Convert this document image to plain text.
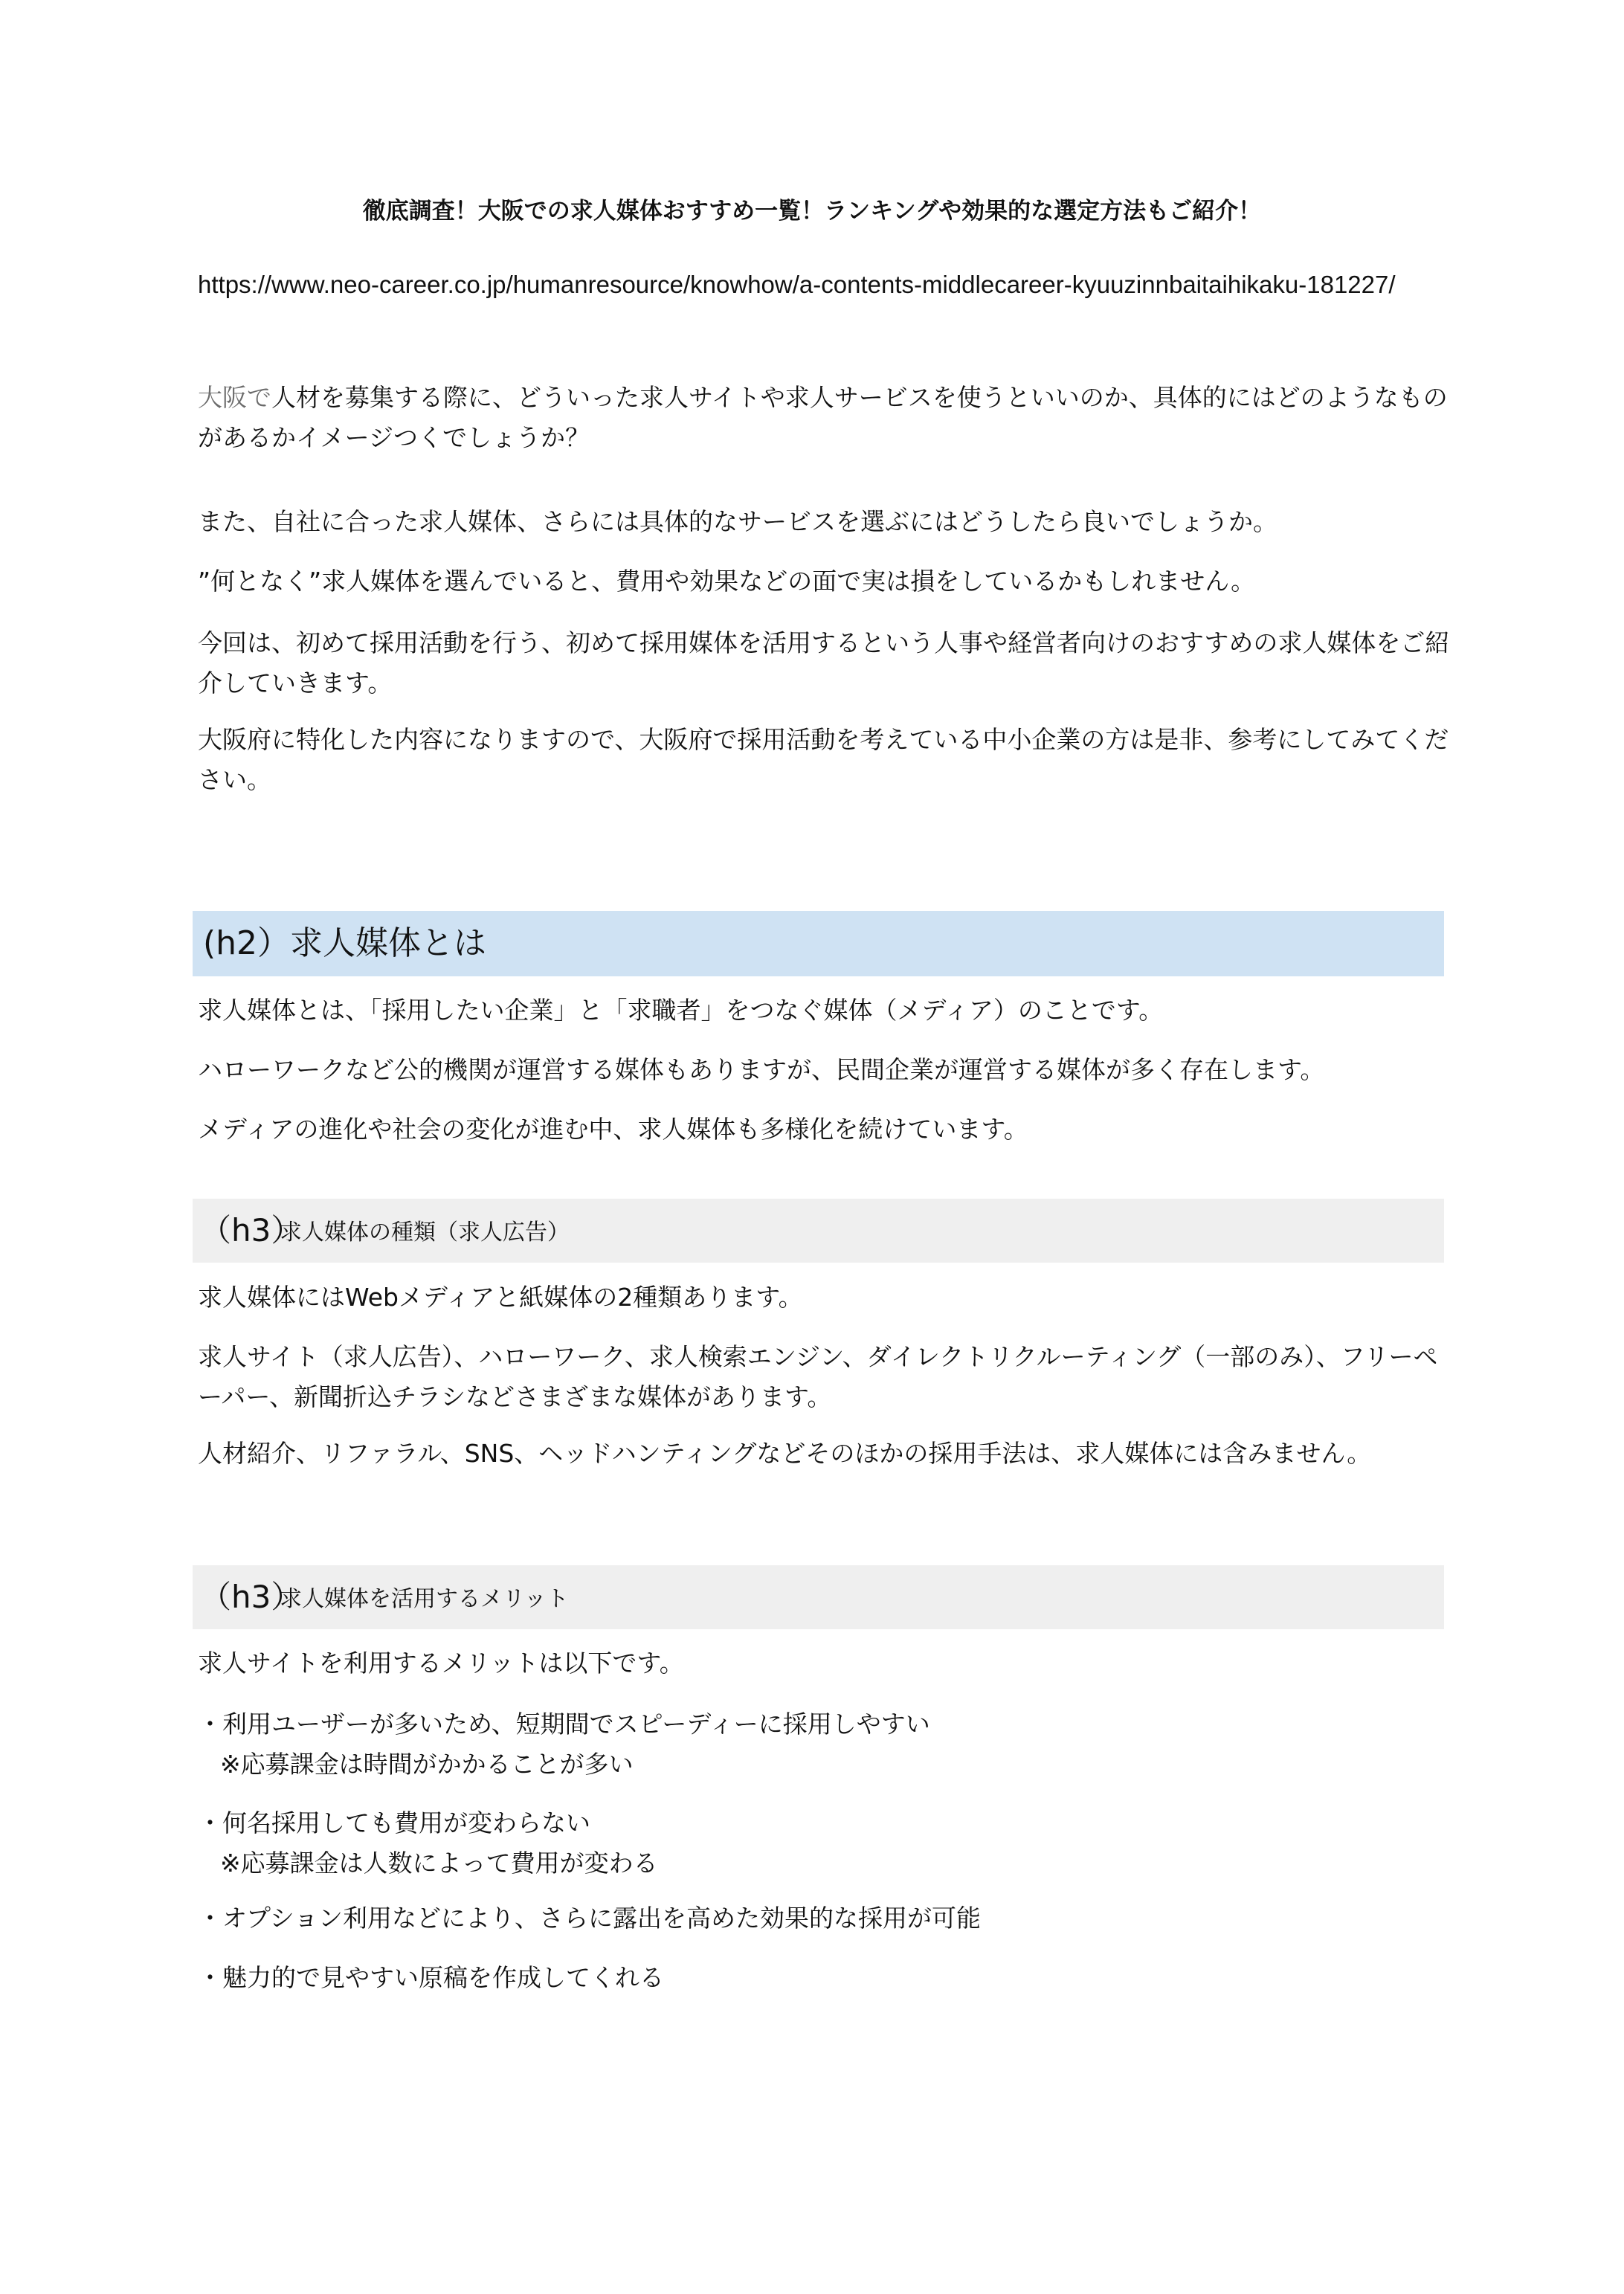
徹底調査！大阪での求人媒体おすすめ一覧！ランキングや効果的な選定方法もご紹介！
https://www.neo-career.co.jp/humanresource/knowhow/a-contents-middlecareer-kyuuzinnbaitaihikaku-181227/

大阪で人材を募集する際に、どういった求人サイトや求人サービスを使うといいのか、具体的にはどのようなものがあるかイメージつくでしょうか？

また、自社に合った求人媒体、さらには具体的なサービスを選ぶにはどうしたら良いでしょうか。

”何となく”求人媒体を選んでいると、費用や効果などの面で実は損をしているかもしれません。

今回は、初めて採用活動を行う、初めて採用媒体を活用するという人事や経営者向けのおすすめの求人媒体をご紹介していきます。

大阪府に特化した内容になりますので、大阪府で採用活動を考えている中小企業の方は是非、参考にしてみてください。

(h2）求人媒体とは

求人媒体とは、「採用したい企業」と「求職者」をつなぐ媒体（メディア）のことです。

ハローワークなど公的機関が運営する媒体もありますが、民間企業が運営する媒体が多く存在します。

メディアの進化や社会の変化が進む中、求人媒体も多様化を続けています。

（h3）
求人媒体の種類（求人広告）

求人媒体にはWebメディアと紙媒体の2種類あります。

求人サイト（求人広告）、ハローワーク、求人検索エンジン、ダイレクトリクルーティング（一部のみ）、フリーペーパー、新聞折込チラシなどさまざまな媒体があります。

人材紹介、リファラル、SNS、ヘッドハンティングなどそのほかの採用手法は、求人媒体には含みません。

（h3）
求人媒体を活用するメリット

求人サイトを利用するメリットは以下です。

・利用ユーザーが多いため、短期間でスピーディーに採用しやすい
※応募課金は時間がかかることが多い

・何名採用しても費用が変わらない
※応募課金は人数によって費用が変わる

・オプション利用などにより、さらに露出を高めた効果的な採用が可能

・魅力的で見やすい原稿を作成してくれる
